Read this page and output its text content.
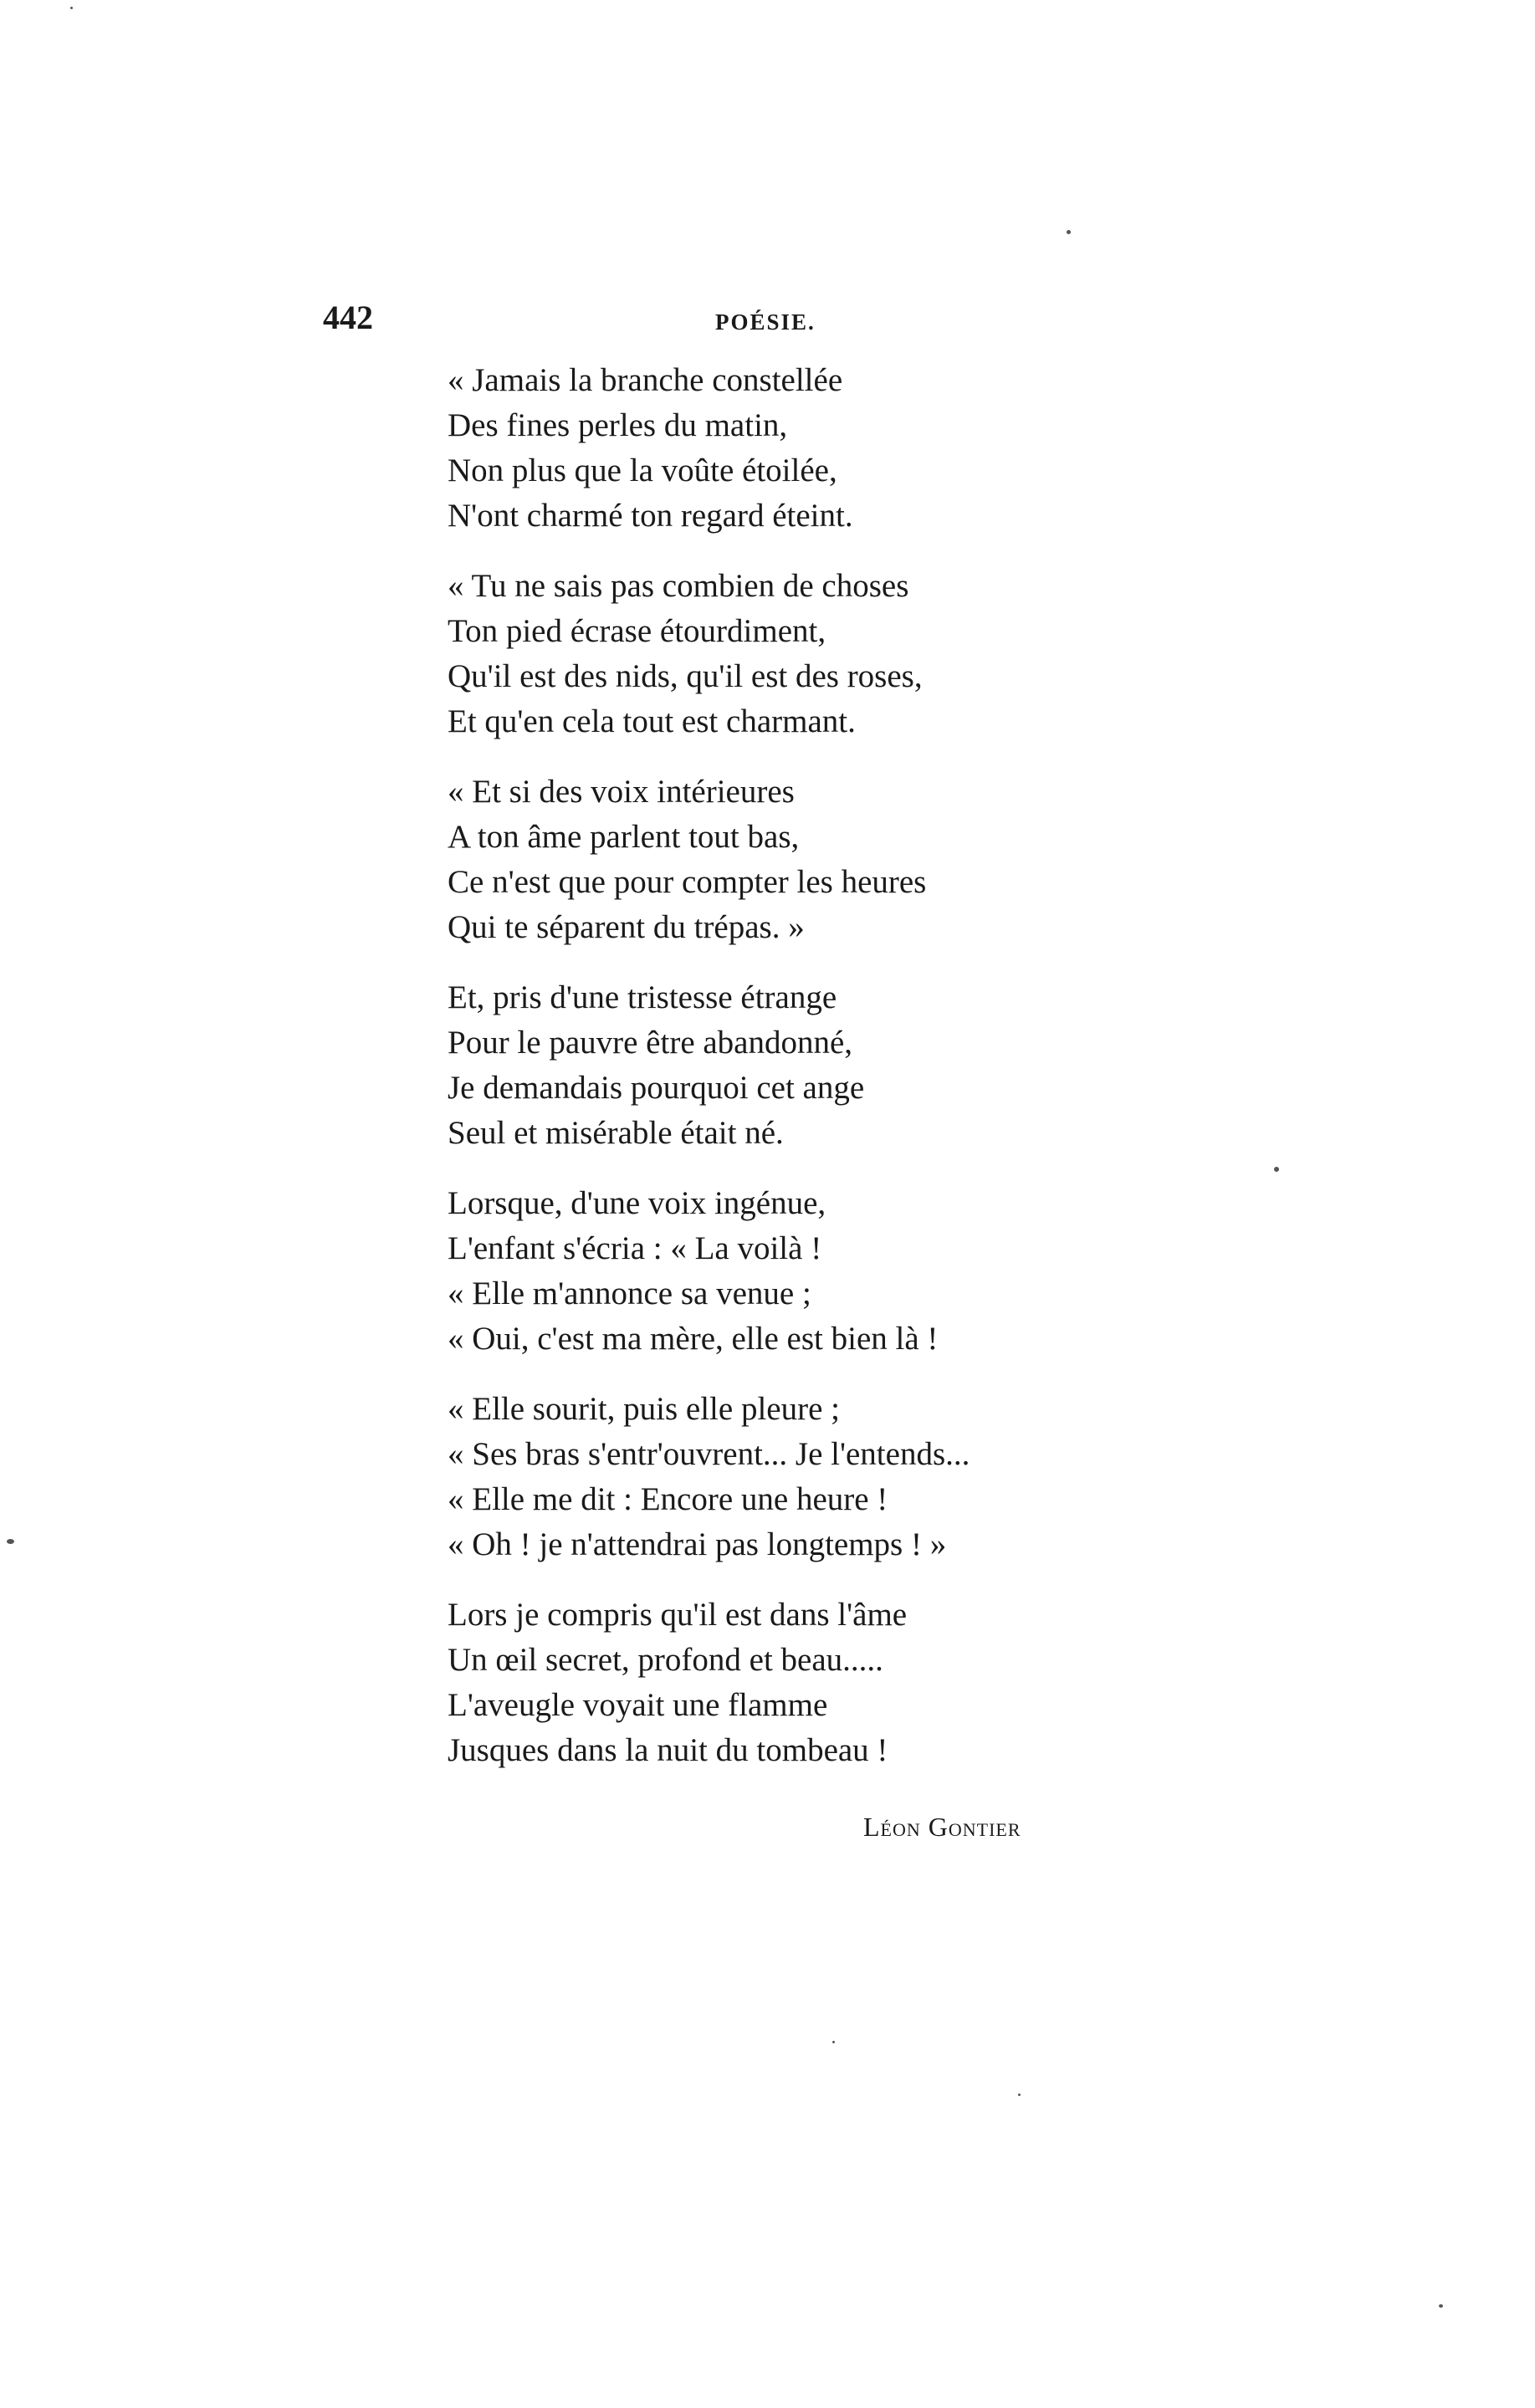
442	POÉSIE.
« Jamais la branche constellée
Des fines perles du matin,
Non plus que la voûte étoilée,
N'ont charmé ton regard éteint.
« Tu ne sais pas combien de choses
Ton pied écrase étourdiment,
Qu'il est des nids, qu'il est des roses,
Et qu'en cela tout est charmant.
« Et si des voix intérieures
A ton âme parlent tout bas,
Ce n'est que pour compter les heures
Qui te séparent du trépas. »
Et, pris d'une tristesse étrange
Pour le pauvre être abandonné,
Je demandais pourquoi cet ange
Seul et misérable était né.
Lorsque, d'une voix ingénue,
L'enfant s'écria : « La voilà !
« Elle m'annonce sa venue ;
« Oui, c'est ma mère, elle est bien là !
« Elle sourit, puis elle pleure ;
« Ses bras s'entr'ouvrent... Je l'entends...
« Elle me dit : Encore une heure !
« Oh ! je n'attendrai pas longtemps ! »
Lors je compris qu'il est dans l'âme
Un œil secret, profond et beau.....
L'aveugle voyait une flamme
Jusques dans la nuit du tombeau !
Léon Gontier
